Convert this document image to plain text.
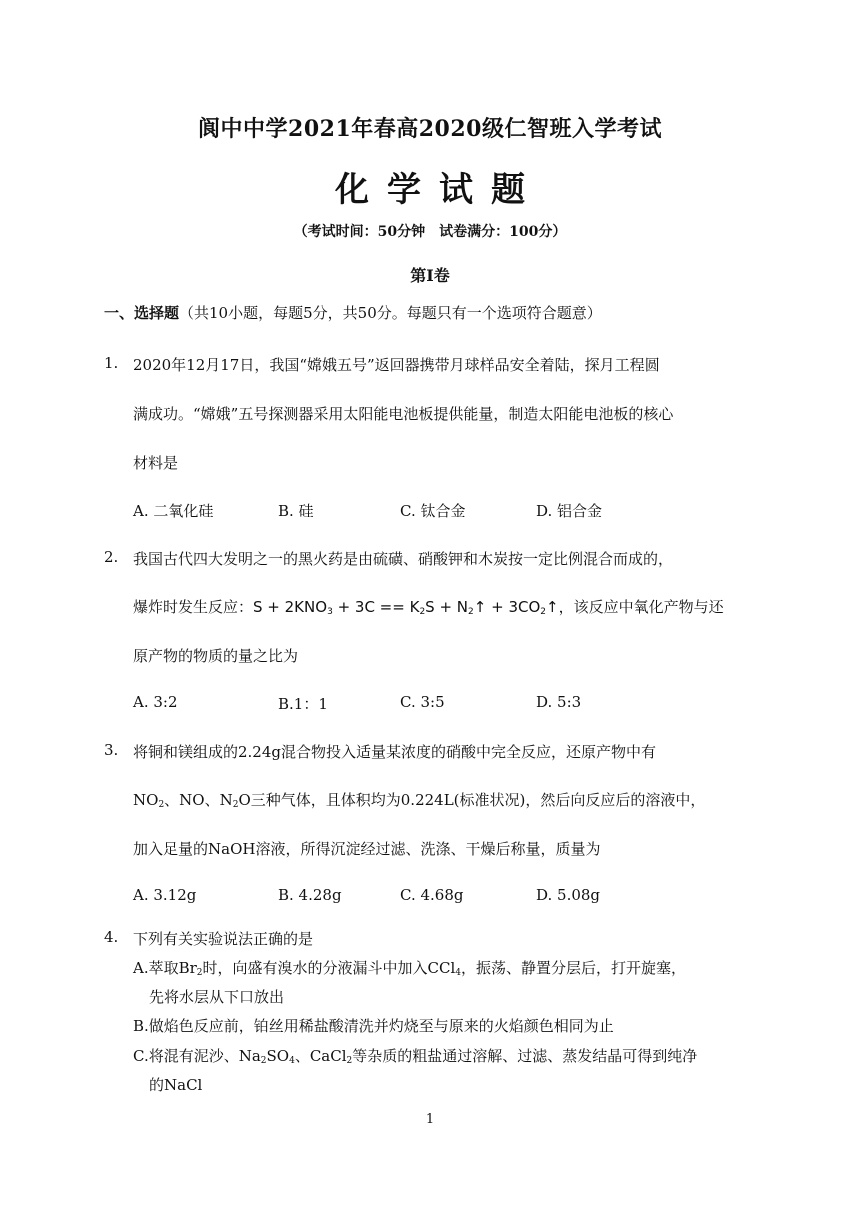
阆中中学2021年春高2020级仁智班入学考试
化学试题
（考试时间：50分钟　试卷满分：100分）
第Ⅰ卷
一、选择题（共10小题，每题5分，共50分。每题只有一个选项符合题意）
1. 2020年12月17日，我国“嫦娥五号”返回器携带月球样品安全着陆，探月工程圆
满成功。“嫦娥”五号探测器采用太阳能电池板提供能量，制造太阳能电池板的核心
材料是
A. 二氧化硅	B. 硅	C. 钛合金	D. 铝合金
2. 我国古代四大发明之一的黑火药是由硫磺、硝酸钾和木炭按一定比例混合而成的，
爆炸时发生反应：$S + 2KNO_3 + 3C == K_2S$ + $N_2↑$ + $3CO_2↑$，该反应中氧化产物与还
原产物的物质的量之比为
A. 3:2	B.1：1	C. 3:5	D. 5:3
3. 将铜和镁组成的2.24g混合物投入适量某浓度的硝酸中完全反应，还原产物中有
$NO_2$、NO、$N_2O$三种气体，且体积均为0.224L(标准状况)，然后向反应后的溶液中，
加入足量的NaOH溶液，所得沉淀经过滤、洗涤、干燥后称量，质量为
A. 3.12g	B. 4.28g	C. 4.68g	D. 5.08g
4. 下列有关实验说法正确的是
A.萃取$Br_2$时，向盛有溴水的分液漏斗中加入CCl$_4$，振荡、静置分层后，打开旋塞，
先将水层从下口放出
B.做焰色反应前，铂丝用稀盐酸清洗并灼烧至与原来的火焰颜色相同为止
C.将混有泥沙、$Na_2SO_4$、CaCl$_2$等杂质的粗盐通过溶解、过滤、蒸发结晶可得到纯净
的NaCl
1
